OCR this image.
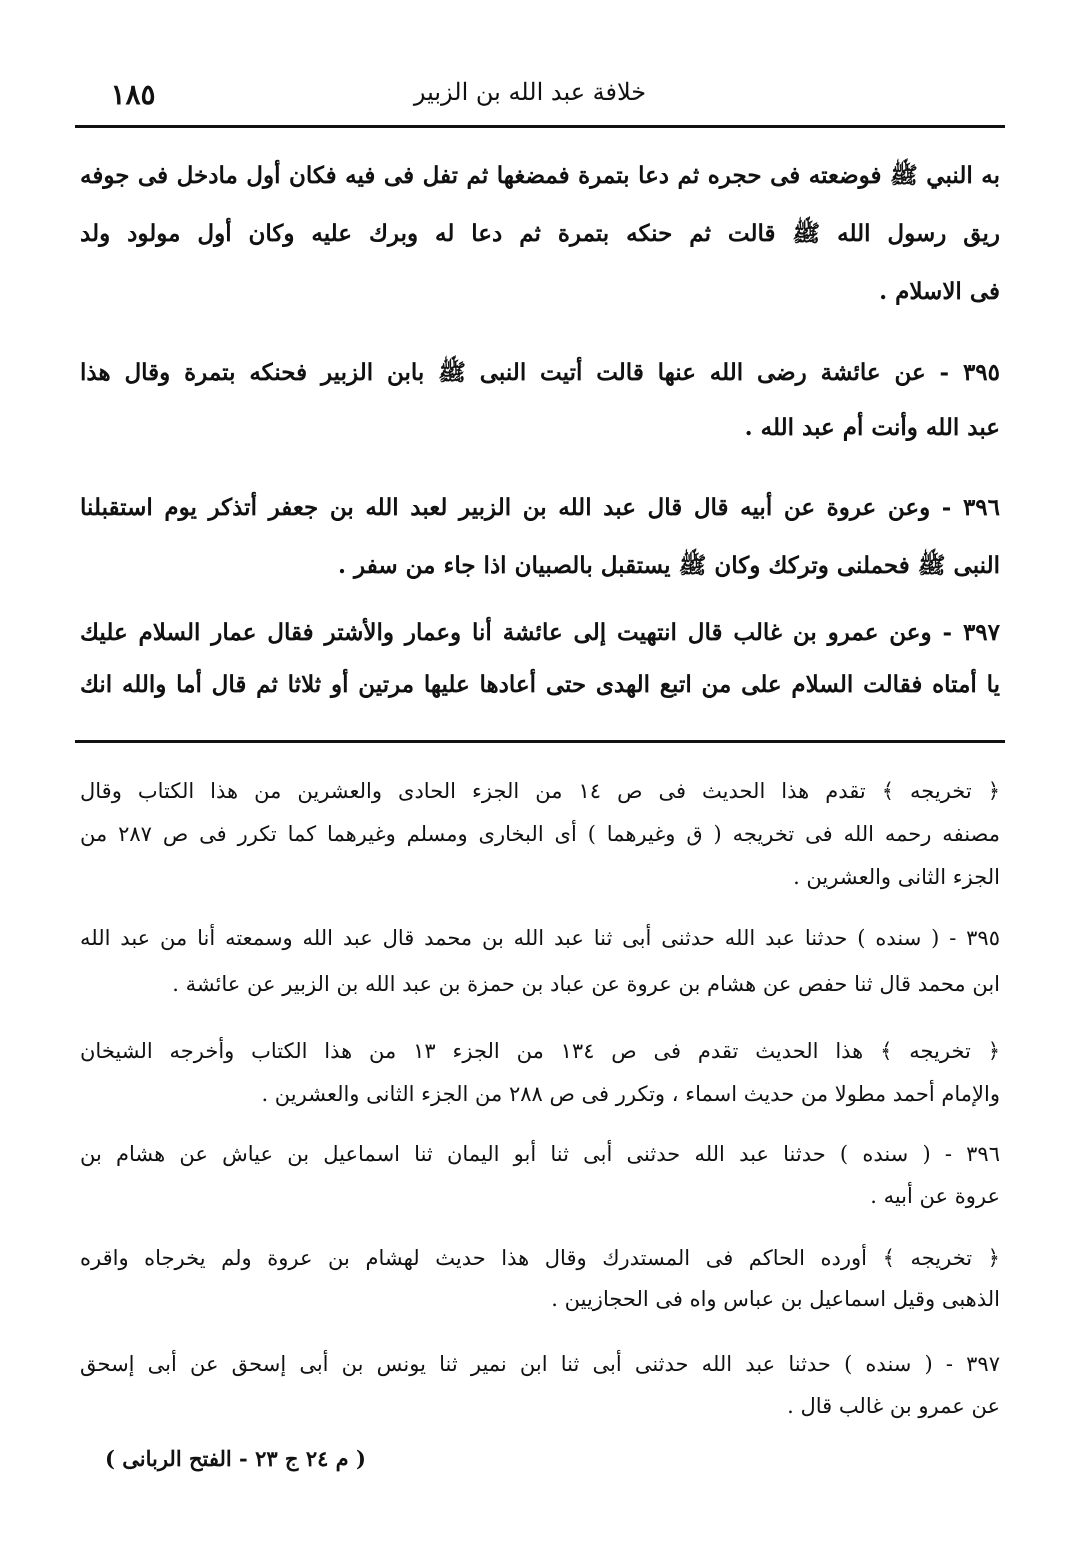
خلافة عبد الله بن الزبير
١٨٥
به النبي ﷺ فوضعته فى حجره ثم دعا بتمرة فمضغها ثم تفل فى فيه فكان أول مادخل فى جوفه
ريق رسول الله ﷺ قالت ثم حنكه بتمرة ثم دعا له وبرك عليه وكان أول مولود ولد
فى الاسلام .
٣٩٥ - عن عائشة رضى الله عنها قالت أتيت النبى ﷺ بابن الزبير فحنكه بتمرة وقال هذا
عبد الله وأنت أم عبد الله .
٣٩٦ - وعن عروة عن أبيه قال قال عبد الله بن الزبير لعبد الله بن جعفر أتذكر يوم استقبلنا
النبى ﷺ فحملنى وتركك وكان ﷺ يستقبل بالصبيان اذا جاء من سفر .
٣٩٧ - وعن عمرو بن غالب قال انتهيت إلى عائشة أنا وعمار والأشتر فقال عمار السلام عليك
يا أمتاه فقالت السلام على من اتبع الهدى حتى أعادها عليها مرتين أو ثلاثا ثم قال أما والله انك
﴿ تخريجه ﴾ تقدم هذا الحديث فى ص ١٤ من الجزء الحادى والعشرين من هذا الكتاب وقال
مصنفه رحمه الله فى تخريجه ( ق وغيرهما ) أى البخارى ومسلم وغيرهما كما تكرر فى ص ٢٨٧ من
الجزء الثانى والعشرين .
٣٩٥ - ( سنده ) حدثنا عبد الله حدثنى أبى ثنا عبد الله بن محمد قال عبد الله وسمعته أنا من عبد الله
ابن محمد قال ثنا حفص عن هشام بن عروة عن عباد بن حمزة بن عبد الله بن الزبير عن عائشة .
﴿ تخريجه ﴾ هذا الحديث تقدم فى ص ١٣٤ من الجزء ١٣ من هذا الكتاب وأخرجه الشيخان
والإمام أحمد مطولا من حديث اسماء ، وتكرر فى ص ٢٨٨ من الجزء الثانى والعشرين .
٣٩٦ - ( سنده ) حدثنا عبد الله حدثنى أبى ثنا أبو اليمان ثنا اسماعيل بن عياش عن هشام بن
عروة عن أبيه .
﴿ تخريجه ﴾ أورده الحاكم فى المستدرك وقال هذا حديث لهشام بن عروة ولم يخرجاه واقره
الذهبى وقيل اسماعيل بن عباس واه فى الحجازيين .
٣٩٧ - ( سنده ) حدثنا عبد الله حدثنى أبى ثنا ابن نمير ثنا يونس بن أبى إسحق عن أبى إسحق
عن عمرو بن غالب قال .
( م ٢٤ ج ٢٣ - الفتح الربانى )
